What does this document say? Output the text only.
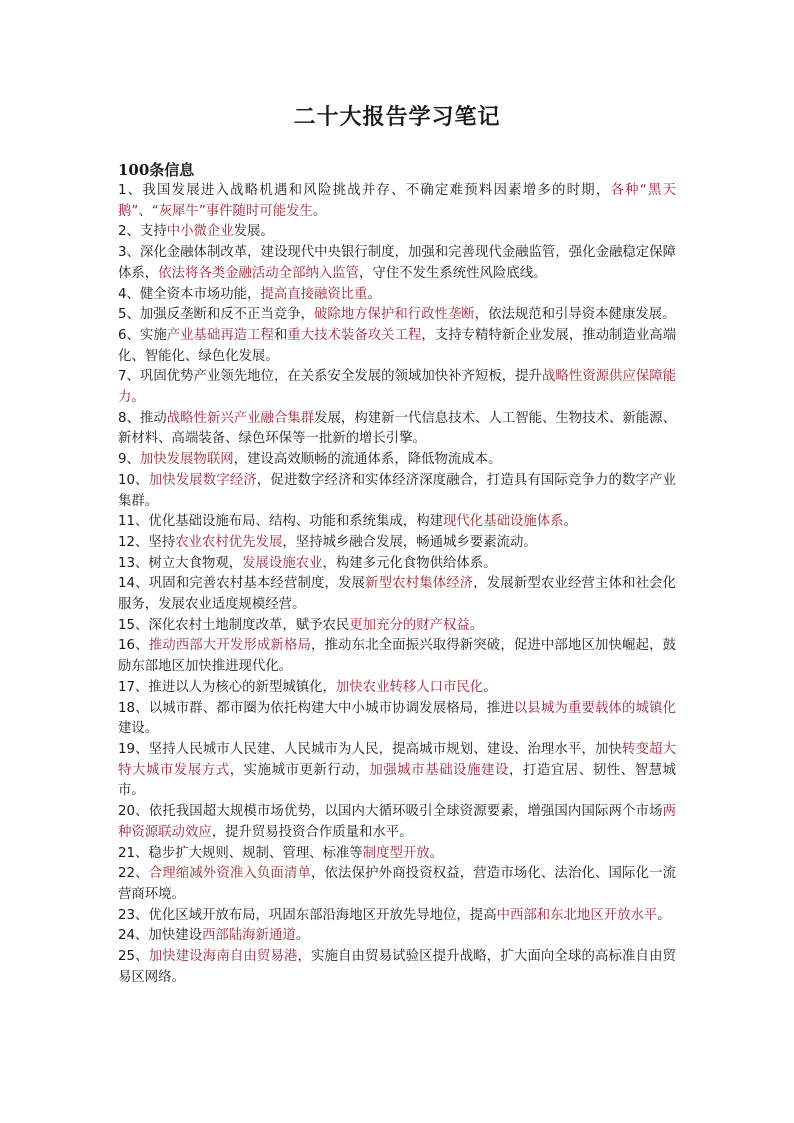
二十大报告学习笔记
100条信息

1、我国发展进入战略机遇和风险挑战并存、不确定难预料因素增多的时期，各种“黑天鹅”、“灰犀牛”事件随时可能发生。

2、支持中小微企业发展。

3、深化金融体制改革，建设现代中央银行制度，加强和完善现代金融监管，强化金融稳定保障体系，依法将各类金融活动全部纳入监管，守住不发生系统性风险底线。

4、健全资本市场功能，提高直接融资比重。

5、加强反垄断和反不正当竞争，破除地方保护和行政性垄断，依法规范和引导资本健康发展。

6、实施产业基础再造工程和重大技术装备攻关工程，支持专精特新企业发展，推动制造业高端化、智能化、绿色化发展。

7、巩固优势产业领先地位，在关系安全发展的领域加快补齐短板，提升战略性资源供应保障能力。

8、推动战略性新兴产业融合集群发展，构建新一代信息技术、人工智能、生物技术、新能源、新材料、高端装备、绿色环保等一批新的增长引擎。

9、加快发展物联网，建设高效顺畅的流通体系，降低物流成本。

10、加快发展数字经济，促进数字经济和实体经济深度融合，打造具有国际竞争力的数字产业集群。

11、优化基础设施布局、结构、功能和系统集成，构建现代化基础设施体系。

12、坚持农业农村优先发展，坚持城乡融合发展，畅通城乡要素流动。

13、树立大食物观，发展设施农业，构建多元化食物供给体系。

14、巩固和完善农村基本经营制度，发展新型农村集体经济，发展新型农业经营主体和社会化服务，发展农业适度规模经营。

15、深化农村土地制度改革，赋予农民更加充分的财产权益。

16、推动西部大开发形成新格局，推动东北全面振兴取得新突破，促进中部地区加快崛起，鼓励东部地区加快推进现代化。

17、推进以人为核心的新型城镇化，加快农业转移人口市民化。

18、以城市群、都市圈为依托构建大中小城市协调发展格局，推进以县城为重要载体的城镇化建设。

19、坚持人民城市人民建、人民城市为人民，提高城市规划、建设、治理水平，加快转变超大特大城市发展方式，实施城市更新行动，加强城市基础设施建设，打造宜居、韧性、智慧城市。

20、依托我国超大规模市场优势，以国内大循环吸引全球资源要素，增强国内国际两个市场两种资源联动效应，提升贸易投资合作质量和水平。

21、稳步扩大规则、规制、管理、标准等制度型开放。

22、合理缩减外资准入负面清单，依法保护外商投资权益，营造市场化、法治化、国际化一流营商环境。

23、优化区域开放布局，巩固东部沿海地区开放先导地位，提高中西部和东北地区开放水平。

24、加快建设西部陆海新通道。

25、加快建设海南自由贸易港，实施自由贸易试验区提升战略，扩大面向全球的高标准自由贸易区网络。
